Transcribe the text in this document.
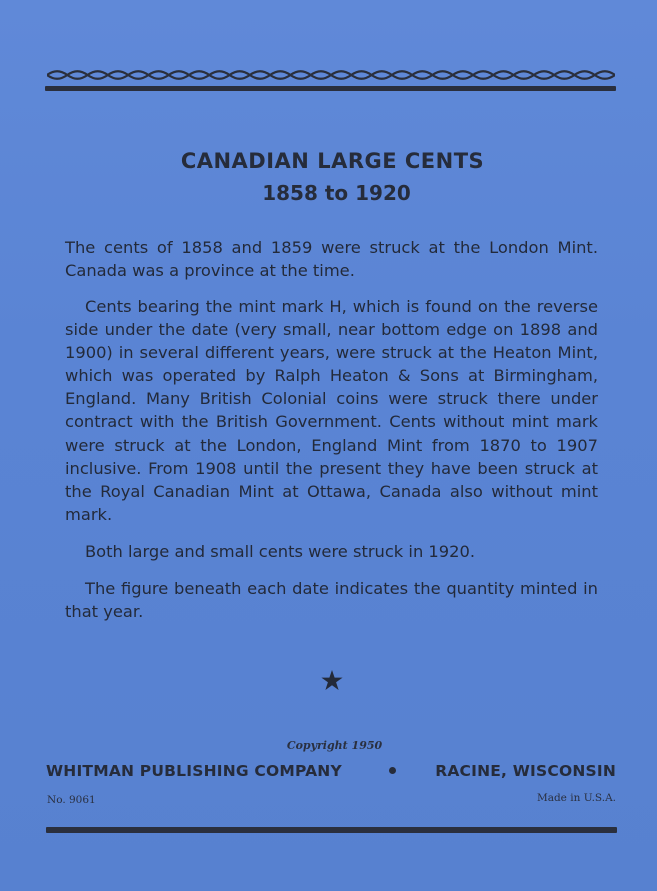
CANADIAN LARGE CENTS
1858 to 1920

The cents of 1858 and 1859 were struck at the London Mint. Canada was a province at the time.

Cents bearing the mint mark H, which is found on the reverse side under the date (very small, near bottom edge on 1898 and 1900) in several different years, were struck at the Heaton Mint, which was operated by Ralph Heaton & Sons at Birmingham, England. Many British Colonial coins were struck there under contract with the British Government. Cents without mint mark were struck at the London, England Mint from 1870 to 1907 inclusive. From 1908 until the present they have been struck at the Royal Canadian Mint at Ottawa, Canada also without mint mark.

Both large and small cents were struck in 1920.

The figure beneath each date indicates the quantity minted in that year.

Copyright 1950
WHITMAN PUBLISHING COMPANY	RACINE, WISCONSIN
No. 9061	Made in U.S.A.
